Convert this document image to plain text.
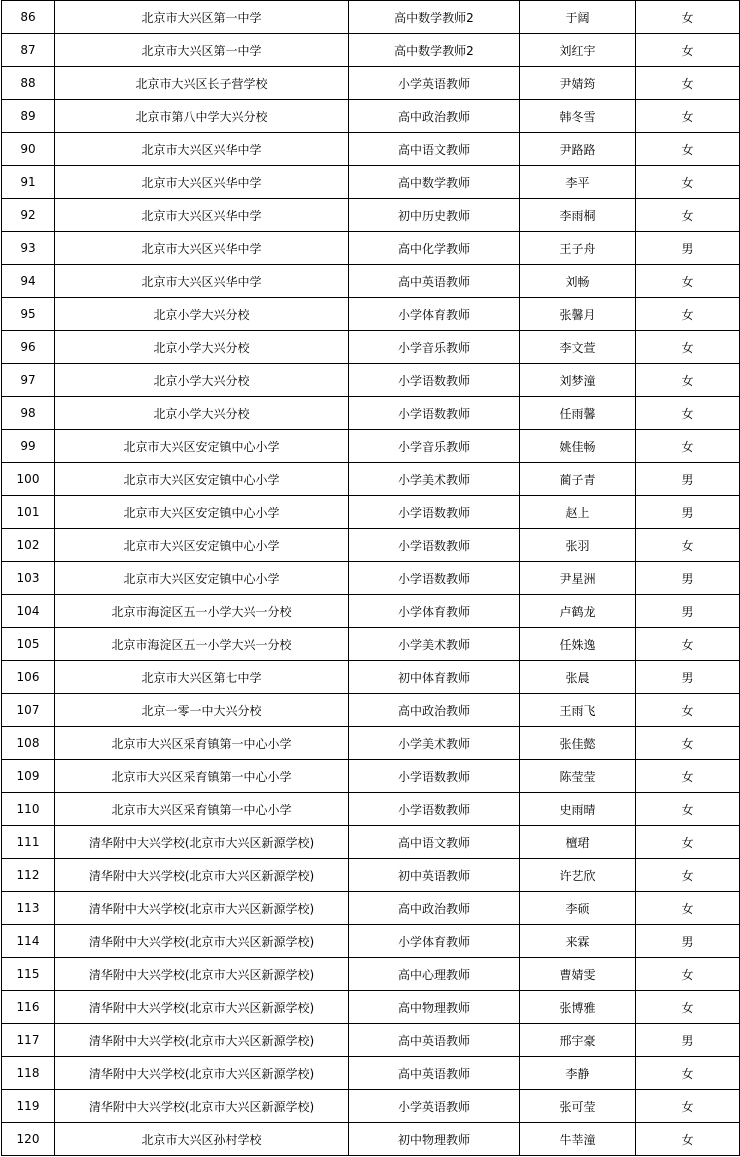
86	北京市大兴区第一中学	高中数学教师2	于阔	女
87	北京市大兴区第一中学	高中数学教师2	刘红宇	女
88	北京市大兴区长子营学校	小学英语教师	尹婧筠	女
89	北京市第八中学大兴分校	高中政治教师	韩冬雪	女
90	北京市大兴区兴华中学	高中语文教师	尹路路	女
91	北京市大兴区兴华中学	高中数学教师	李平	女
92	北京市大兴区兴华中学	初中历史教师	李雨桐	女
93	北京市大兴区兴华中学	高中化学教师	王子舟	男
94	北京市大兴区兴华中学	高中英语教师	刘畅	女
95	北京小学大兴分校	小学体育教师	张馨月	女
96	北京小学大兴分校	小学音乐教师	李文萱	女
97	北京小学大兴分校	小学语数教师	刘梦潼	女
98	北京小学大兴分校	小学语数教师	任雨馨	女
99	北京市大兴区安定镇中心小学	小学音乐教师	姚佳畅	女
100	北京市大兴区安定镇中心小学	小学美术教师	蔺子青	男
101	北京市大兴区安定镇中心小学	小学语数教师	赵上	男
102	北京市大兴区安定镇中心小学	小学语数教师	张羽	女
103	北京市大兴区安定镇中心小学	小学语数教师	尹星洲	男
104	北京市海淀区五一小学大兴一分校	小学体育教师	卢鹤龙	男
105	北京市海淀区五一小学大兴一分校	小学美术教师	任姝逸	女
106	北京市大兴区第七中学	初中体育教师	张晨	男
107	北京一零一中大兴分校	高中政治教师	王雨飞	女
108	北京市大兴区采育镇第一中心小学	小学美术教师	张佳懿	女
109	北京市大兴区采育镇第一中心小学	小学语数教师	陈莹莹	女
110	北京市大兴区采育镇第一中心小学	小学语数教师	史雨晴	女
111	清华附中大兴学校(北京市大兴区新源学校)	高中语文教师	檀珺	女
112	清华附中大兴学校(北京市大兴区新源学校)	初中英语教师	许艺欣	女
113	清华附中大兴学校(北京市大兴区新源学校)	高中政治教师	李硕	女
114	清华附中大兴学校(北京市大兴区新源学校)	小学体育教师	来霖	男
115	清华附中大兴学校(北京市大兴区新源学校)	高中心理教师	曹婧雯	女
116	清华附中大兴学校(北京市大兴区新源学校)	高中物理教师	张博雅	女
117	清华附中大兴学校(北京市大兴区新源学校)	高中英语教师	邢宇豪	男
118	清华附中大兴学校(北京市大兴区新源学校)	高中英语教师	李静	女
119	清华附中大兴学校(北京市大兴区新源学校)	小学英语教师	张可莹	女
120	北京市大兴区孙村学校	初中物理教师	牛莘潼	女
